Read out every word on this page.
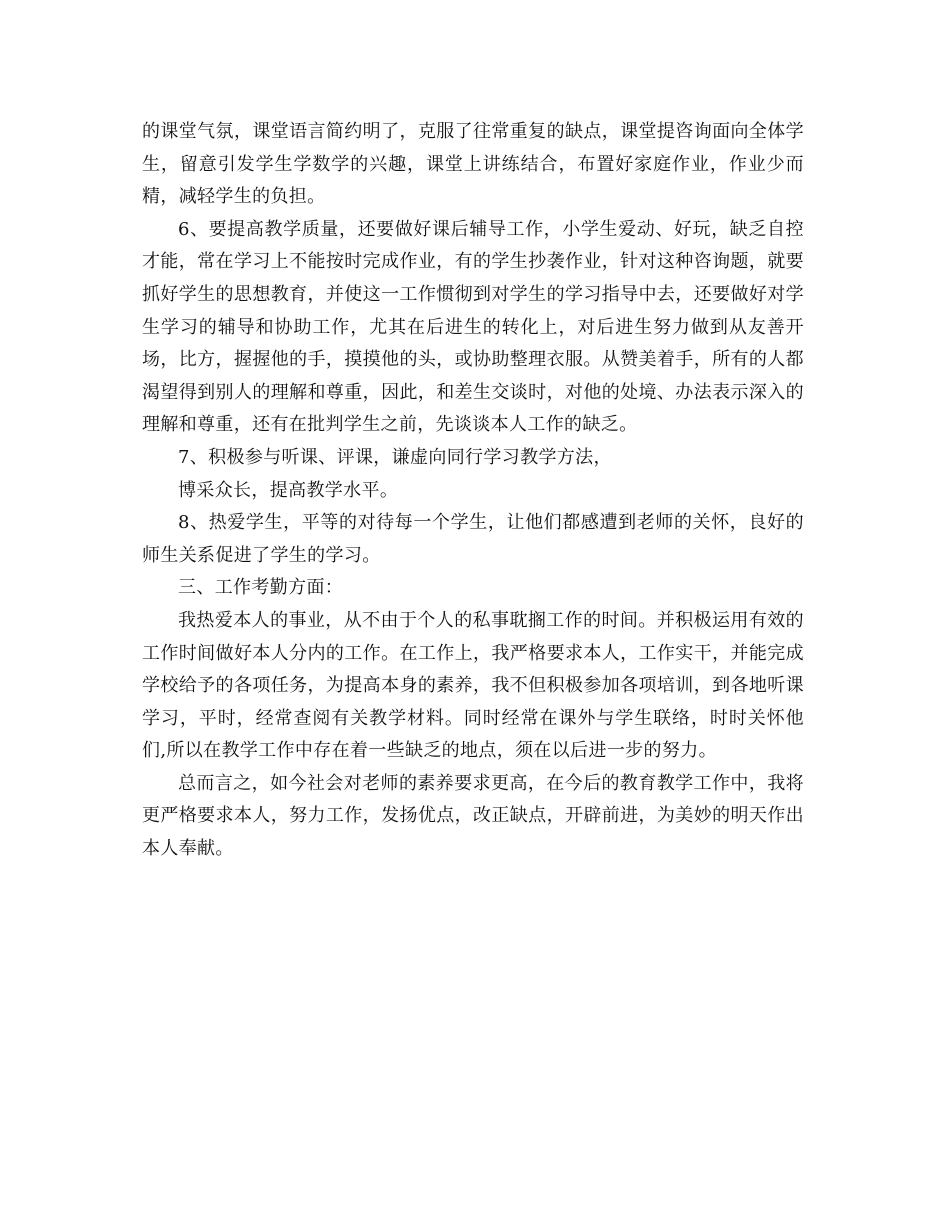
的课堂气氛，课堂语言简约明了，克服了往常重复的缺点，课堂提咨询面向全体学生，留意引发学生学数学的兴趣，课堂上讲练结合，布置好家庭作业，作业少而精，减轻学生的负担。

6、要提高教学质量，还要做好课后辅导工作，小学生爱动、好玩，缺乏自控才能，常在学习上不能按时完成作业，有的学生抄袭作业，针对这种咨询题，就要抓好学生的思想教育，并使这一工作惯彻到对学生的学习指导中去，还要做好对学生学习的辅导和协助工作，尤其在后进生的转化上，对后进生努力做到从友善开场，比方，握握他的手，摸摸他的头，或协助整理衣服。从赞美着手，所有的人都渴望得到别人的理解和尊重，因此，和差生交谈时，对他的处境、办法表示深入的理解和尊重，还有在批判学生之前，先谈谈本人工作的缺乏。

7、积极参与听课、评课，谦虚向同行学习教学方法，

博采众长，提高教学水平。

8、热爱学生，平等的对待每一个学生，让他们都感遭到老师的关怀，良好的师生关系促进了学生的学习。

三、工作考勤方面：

我热爱本人的事业，从不由于个人的私事耽搁工作的时间。并积极运用有效的工作时间做好本人分内的工作。在工作上，我严格要求本人，工作实干，并能完成学校给予的各项任务，为提高本身的素养，我不但积极参加各项培训，到各地听课学习，平时，经常查阅有关教学材料。同时经常在课外与学生联络，时时关怀他们,所以在教学工作中存在着一些缺乏的地点，须在以后进一步的努力。

总而言之，如今社会对老师的素养要求更高，在今后的教育教学工作中，我将更严格要求本人，努力工作，发扬优点，改正缺点，开辟前进，为美妙的明天作出本人奉献。
